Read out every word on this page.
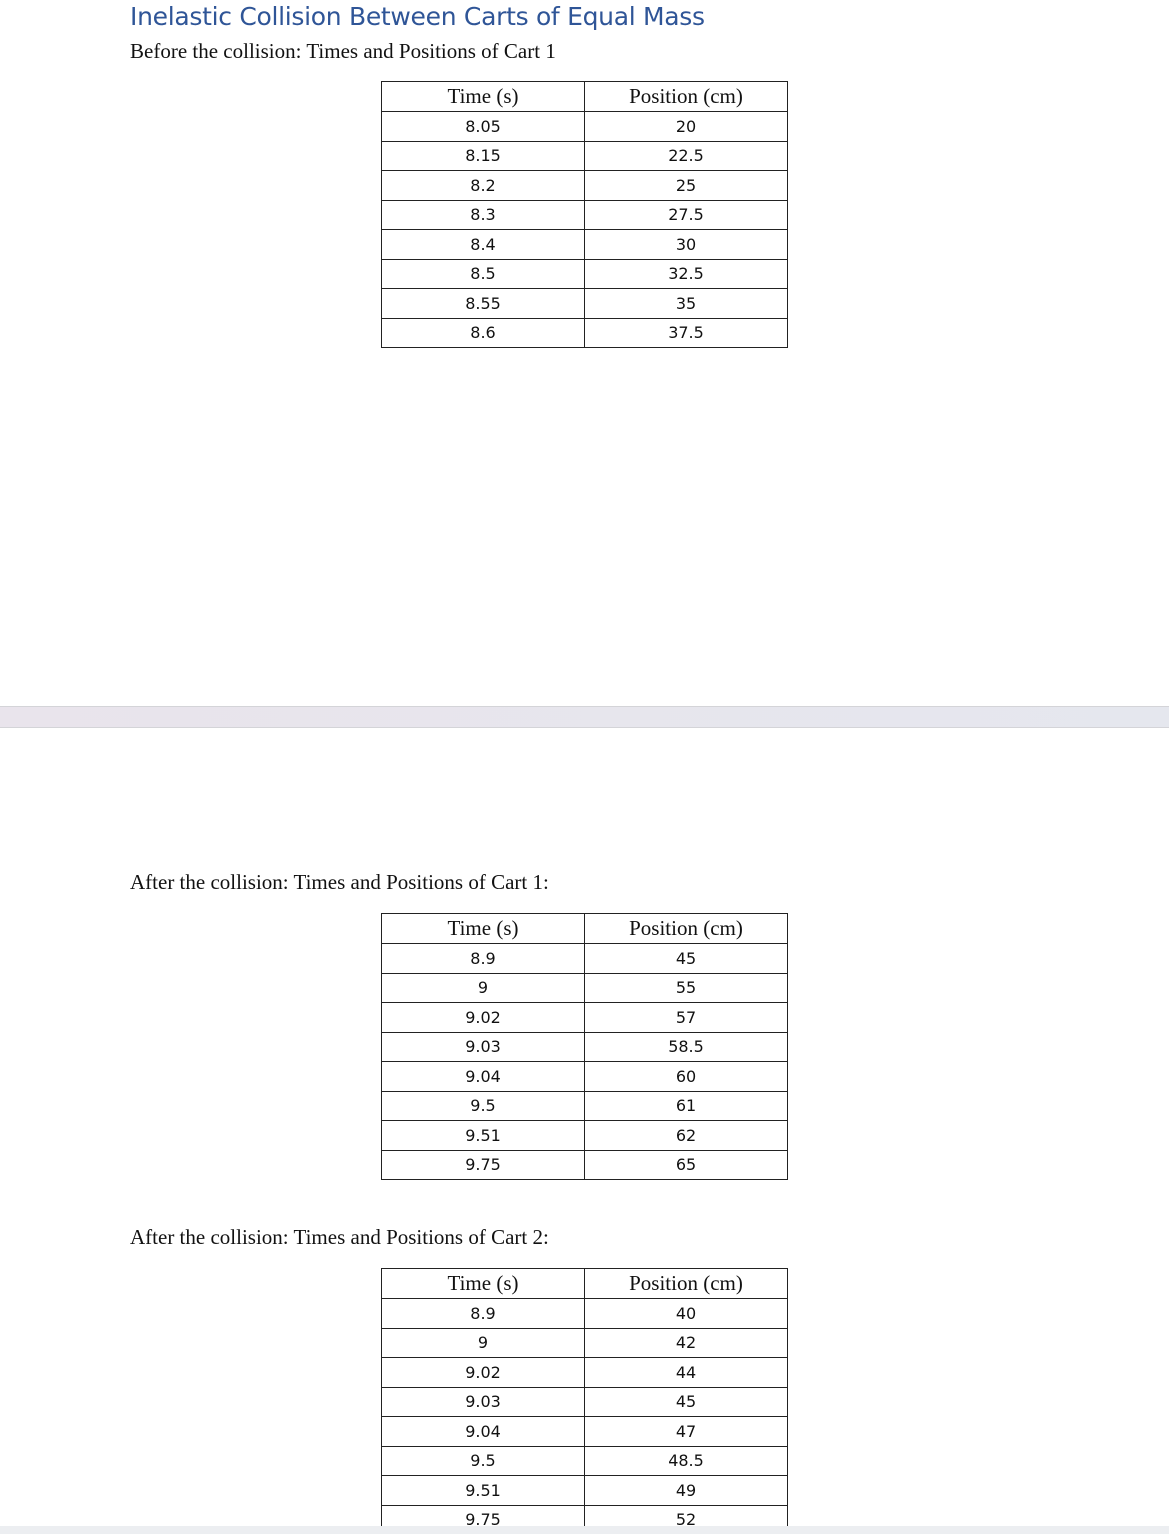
Inelastic Collision Between Carts of Equal Mass
Before the collision: Times and Positions of Cart 1
Time (s)	Position (cm)
8.05	20
8.15	22.5
8.2	25
8.3	27.5
8.4	30
8.5	32.5
8.55	35
8.6	37.5
After the collision: Times and Positions of Cart 1:
Time (s)	Position (cm)
8.9	45
9	55
9.02	57
9.03	58.5
9.04	60
9.5	61
9.51	62
9.75	65
After the collision: Times and Positions of Cart 2:
Time (s)	Position (cm)
8.9	40
9	42
9.02	44
9.03	45
9.04	47
9.5	48.5
9.51	49
9.75	52
